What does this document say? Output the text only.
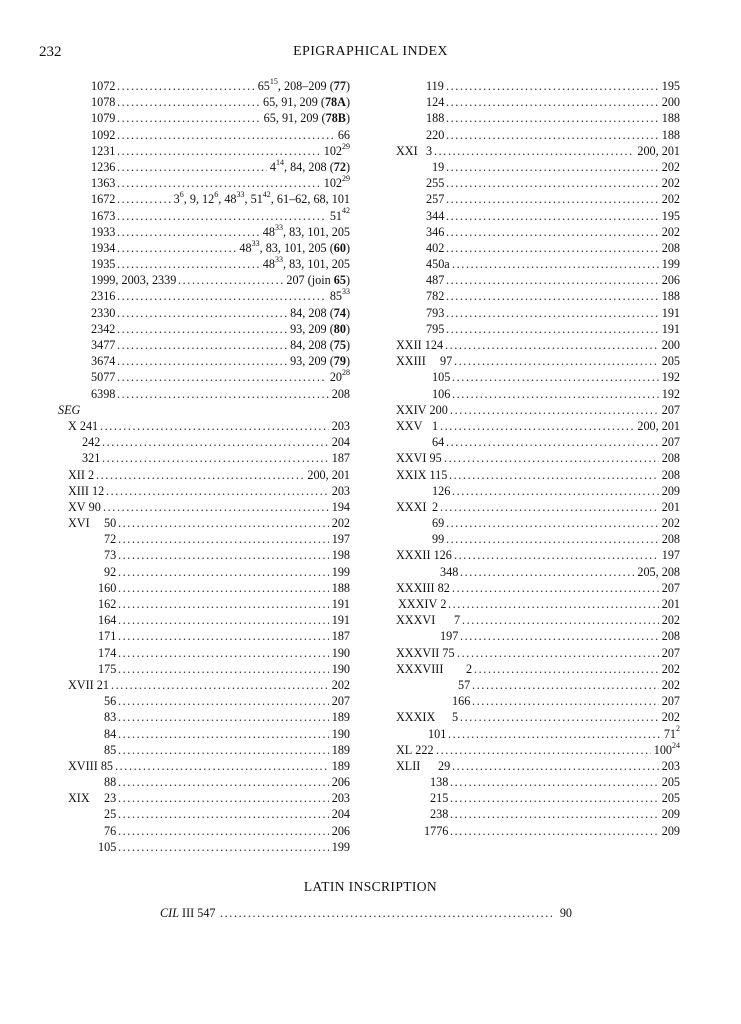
232	EPIGRAPHICAL INDEX
1072 .....	$65^{15}$, 208–209 (77)
1078 .....	65, 91, 209 (78A)
1079 .....	65, 91, 209 (78B)
1092 .....	66
1231 .....	$102^{29}$
1236 .....	$4^{14}$, 84, 208 (72)
1363 .....	$102^{29}$
1672 .....	$3^6$, 9, $12^6$, $48^{33}$, $51^{42}$, 61–62, 68, 101
1673 .....	$51^{42}$
1933 .....	$48^{33}$, 83, 101, 205
1934 .....	$48^{33}$, 83, 101, 205 (60)
1935 .....	$48^{33}$, 83, 101, 205
1999, 2003, 2339 .....	207 (join 65)
2316 .....	$85^{33}$
2330 .....	84, 208 (74)
2342 .....	93, 209 (80)
3477 .....	84, 208 (75)
3674 .....	93, 209 (79)
5077 .....	$20^{28}$
6398 .....	208
SEG
X 241 .....	203
242 .....	204
321 .....	187
XII 2 .....	200, 201
XIII 12 .....	203
XV 90 .....	194
XVI 50 .....	202
72 .....	197
73 .....	198
92 .....	199
160 .....	188
162 .....	191
164 .....	191
171 .....	187
174 .....	190
175 .....	190
XVII 21 .....	202
56 .....	207
83 .....	189
84 .....	190
85 .....	189
XVIII 85 .....	189
88 .....	206
XIX 23 .....	203
25 .....	204
76 .....	206
105 .....	199
119 .....	195
124 .....	200
188 .....	188
220 .....	188
XXI 3 .....	200, 201
19 .....	202
255 .....	202
257 .....	202
344 .....	195
346 .....	202
402 .....	208
450a .....	199
487 .....	206
782 .....	188
793 .....	191
795 .....	191
XXII 124 .....	200
XXIII 97 .....	205
105 .....	192
106 .....	192
XXIV 200 .....	207
XXV 1 .....	200, 201
64 .....	207
XXVI 95 .....	208
XXIX 115 .....	208
126 .....	209
XXXI 2 .....	201
69 .....	202
99 .....	208
XXXII 126 .....	197
348 .....	205, 208
XXXIII 82 .....	207
XXXIV 2 .....	201
XXXVI 7 .....	202
197 .....	208
XXXVII 75 .....	207
XXXVIII 2 .....	202
57 .....	202
166 .....	207
XXXIX 5 .....	202
101 .....	$71^2$
XL 222 .....	$100^{24}$
XLII 29 .....	203
138 .....	205
215 .....	205
238 .....	209
1776 .....	209
LATIN INSCRIPTION
CIL III 547 .....	90
